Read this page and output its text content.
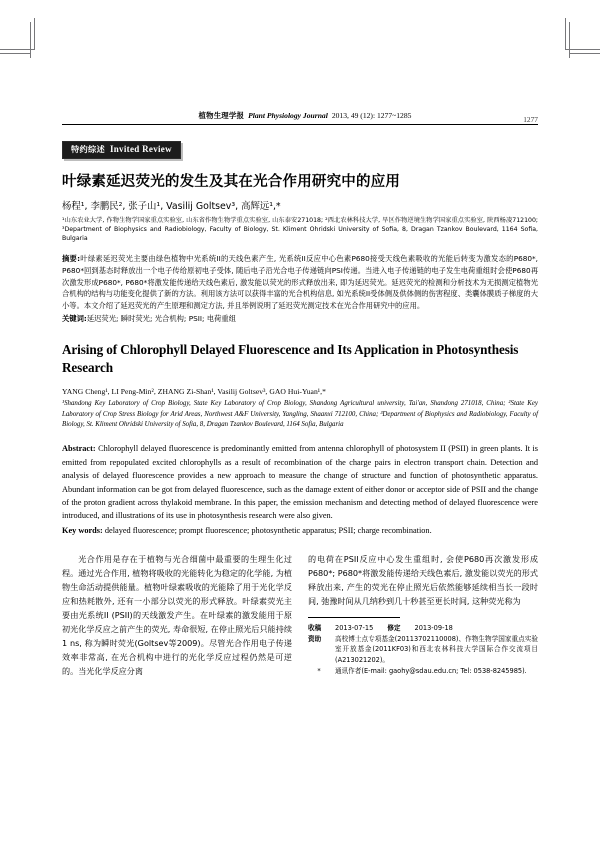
植物生理学报 Plant Physiology Journal 2013, 49 (12): 1277~1285	1277
特约综述 Invited Review
叶绿素延迟荧光的发生及其在光合作用研究中的应用
杨程¹, 李鹏民², 张子山¹, Vasilij Goltsev³, 高辉远¹,*
¹山东农业大学, 作物生物学国家重点实验室, 山东省作物生物学重点实验室, 山东泰安271018; ²西北农林科技大学, 旱区作物逆境生物学国家重点实验室, 陕西杨凌712100; ³Department of Biophysics and Radiobiology, Faculty of Biology, St. Kliment Ohridski University of Sofia, 8, Dragan Tzankov Boulevard, 1164 Sofia, Bulgaria
摘要:叶绿素延迟荧光主要由绿色植物中光系统II的天线色素产生, 光系统II反应中心色素P680接受天线色素吸收的光能后转变为激发态的P680*, P680*回到基态时释放出一个电子传给原初电子受体, 随后电子沿光合电子传递链向PSI传递。当进入电子传递链的电子发生电荷重组时会使P680再次激发形成P680*, P680*将激发能传递给天线色素后, 激发能以荧光的形式释放出来, 即为延迟荧光。延迟荧光的检测和分析技术为无损测定植物光合机构的结构与功能变化提供了新的方法。利用该方法可以获得丰富的光合机构信息, 如光系统II受体侧及供体侧的伤害程度、类囊体膜质子梯度的大小等。本文介绍了延迟荧光的产生原理和测定方法, 并且举例说明了延迟荧光测定技术在光合作用研究中的应用。
关键词:延迟荧光; 瞬时荧光; 光合机构; PSII; 电荷重组
Arising of Chlorophyll Delayed Fluorescence and Its Application in Photosynthesis Research
YANG Cheng¹, LI Peng-Min², ZHANG Zi-Shan¹, Vasilij Goltsev³, GAO Hui-Yuan¹,*
¹Shandong Key Laboratory of Crop Biology, State Key Laboratory of Crop Biology, Shandong Agricultural university, Tai'an, Shandong 271018, China; ²State Key Laboratory of Crop Stress Biology for Arid Areas, Northwest A&F University, Yangling, Shaanxi 712100, China; ³Department of Biophysics and Radiobiology, Faculty of Biology, St. Kliment Ohridski University of Sofia, 8, Dragan Tzankov Boulevard, 1164 Sofia, Bulgaria
Abstract: Chlorophyll delayed fluorescence is predominantly emitted from antenna chlorophyll of photosystem II (PSII) in green plants. It is emitted from repopulated excited chlorophylls as a result of recombination of the charge pairs in electron transport chain. Detection and analysis of delayed fluorescence provides a new approach to measure the change of structure and function of photosynthetic apparatus. Abundant information can be got from delayed fluorescence, such as the damage extent of either donor or acceptor side of PSII and the change of the proton gradient across thylakoid membrane. In this paper, the emission mechanism and detecting method of delayed fluorescence were introduced, and illustrations of its use in photosynthesis research were also given.
Key words: delayed fluorescence; prompt fluorescence; photosynthetic apparatus; PSII; charge recombination.
光合作用是存在于植物与光合细菌中最重要的生理生化过程。通过光合作用, 植物将吸收的光能转化为稳定的化学能, 为植物生命活动提供能量。植物叶绿素吸收的光能除了用于光化学反应和热耗散外, 还有一小部分以荧光的形式释放。叶绿素荧光主要由光系统II (PSII)的天线激发产生。在叶绿素的激发能用于原初光化学反应之前产生的荧光, 寿命很短, 在停止照光后只能持续1 ns, 称为瞬时荧光(Goltsev等2009)。尽管光合作用电子传递效率非常高, 在光合机构中进行的光化学反应过程仍然是可逆的。当光化学反应分离
的电荷在PSII反应中心发生重组时, 会使P680再次激发形成P680*; P680*将激发能传递给天线色素后, 激发能以荧光的形式释放出来, 产生的荧光在停止照光后依然能够延续相当长一段时间, 弛豫时间从几纳秒到几十秒甚至更长时间, 这种荧光称为
收稿	2013-07-15 修定 2013-09-18
资助	高校博士点专项基金(20113702110008)、作物生物学国家重点实验室开放基金(2011KF03)和西北农林科技大学国际合作交流项目(A213021202)。
*	通讯作者(E-mail: gaohy@sdau.edu.cn; Tel: 0538-8245985).
